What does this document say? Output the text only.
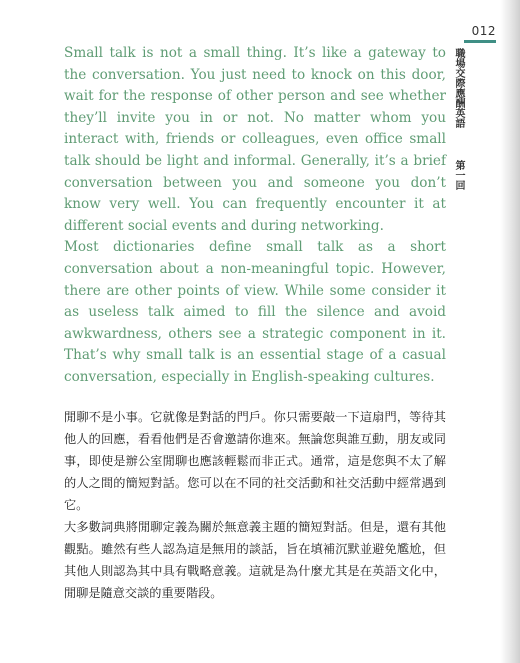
012
職場交際應酬英語
第一回

Small talk is not a small thing. It’s like a gateway to the conversation. You just need to knock on this door, wait for the response of other person and see whether they’ll invite you in or not. No matter whom you interact with, friends or colleagues, even office small talk should be light and informal. Generally, it’s a brief conversation between you and someone you don’t know very well. You can frequently encounter it at different social events and during networking.

Most dictionaries define small talk as a short conversation about a non-meaningful topic. However, there are other points of view. While some consider it as useless talk aimed to fill the silence and avoid awkwardness, others see a strategic component in it. That’s why small talk is an essential stage of a casual conversation, especially in English-speaking cultures.

閒聊不是小事。它就像是對話的門戶。你只需要敲一下這扇門，等待其他人的回應，看看他們是否會邀請你進來。無論您與誰互動，朋友或同事，即使是辦公室閒聊也應該輕鬆而非正式。通常，這是您與不太了解的人之間的簡短對話。您可以在不同的社交活動和社交活動中經常遇到它。

大多數詞典將閒聊定義為關於無意義主題的簡短對話。但是，還有其他觀點。雖然有些人認為這是無用的談話，旨在填補沉默並避免尷尬，但其他人則認為其中具有戰略意義。這就是為什麼尤其是在英語文化中，閒聊是隨意交談的重要階段。
